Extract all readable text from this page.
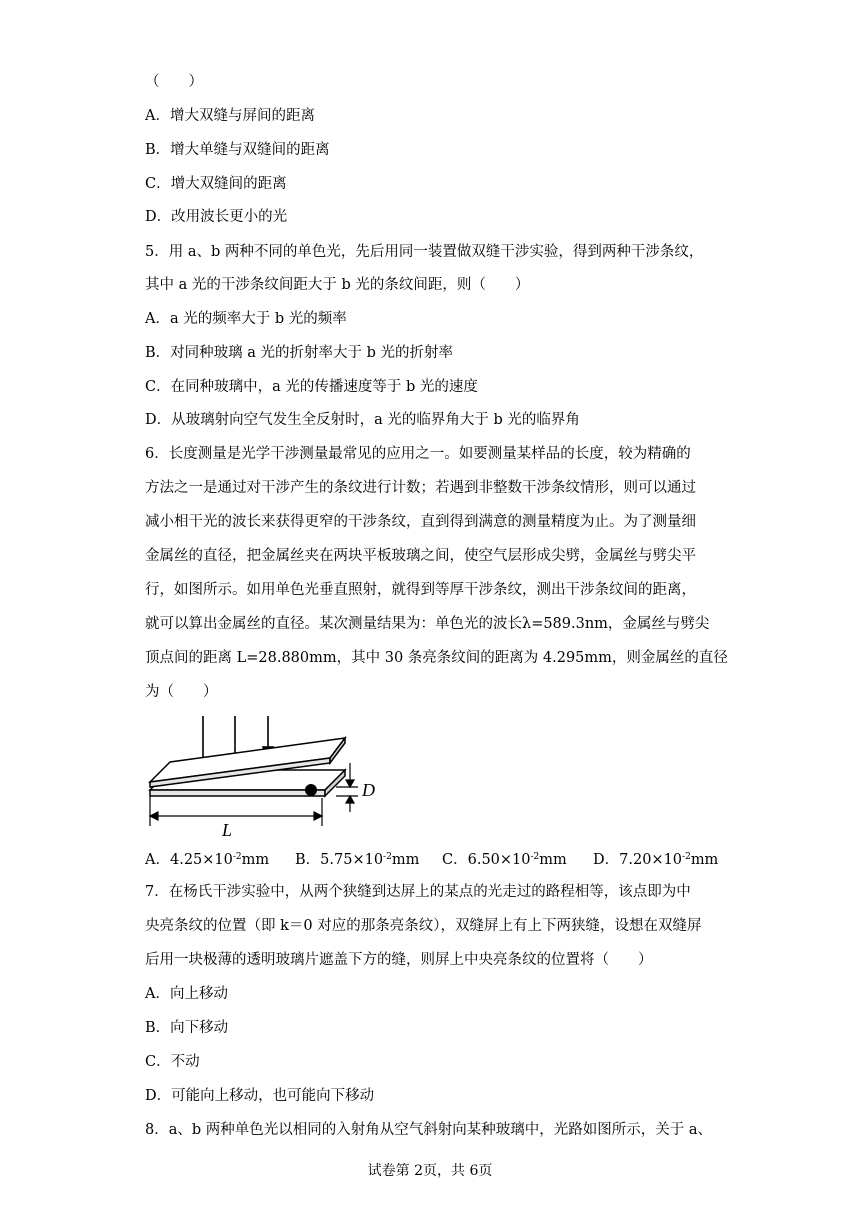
（　　）
A．增大双缝与屏间的距离
B．增大单缝与双缝间的距离
C．增大双缝间的距离
D．改用波长更小的光
5．用 a、b 两种不同的单色光，先后用同一装置做双缝干涉实验，得到两种干涉条纹，
其中 a 光的干涉条纹间距大于 b 光的条纹间距，则（　　）
A．a 光的频率大于 b 光的频率
B．对同种玻璃 a 光的折射率大于 b 光的折射率
C．在同种玻璃中，a 光的传播速度等于 b 光的速度
D．从玻璃射向空气发生全反射时，a 光的临界角大于 b 光的临界角
6．长度测量是光学干涉测量最常见的应用之一。如要测量某样品的长度，较为精确的
方法之一是通过对干涉产生的条纹进行计数；若遇到非整数干涉条纹情形，则可以通过
减小相干光的波长来获得更窄的干涉条纹，直到得到满意的测量精度为止。为了测量细
金属丝的直径，把金属丝夹在两块平板玻璃之间，使空气层形成尖劈，金属丝与劈尖平
行，如图所示。如用单色光垂直照射，就得到等厚干涉条纹，测出干涉条纹间的距离，
就可以算出金属丝的直径。某次测量结果为：单色光的波长λ=589.3nm，金属丝与劈尖
顶点间的距离 L=28.880mm，其中 30 条亮条纹间的距离为 4.295mm，则金属丝的直径
为（　　）
L
D
A．$4.25\times 10^{-2}mm$ B．$5.75\times 10^{-2}mm$ C．$6.50\times 10^{-2}mm$ D．$7.20\times 10^{-2}mm$
7．在杨氏干涉实验中，从两个狭缝到达屏上的某点的光走过的路程相等，该点即为中
央亮条纹的位置（即 k＝0 对应的那条亮条纹），双缝屏上有上下两狭缝，设想在双缝屏
后用一块极薄的透明玻璃片遮盖下方的缝，则屏上中央亮条纹的位置将（　　）
A．向上移动
B．向下移动
C．不动
D．可能向上移动，也可能向下移动
8．a、b 两种单色光以相同的入射角从空气斜射向某种玻璃中，光路如图所示，关于 a、
试卷第 2页，共 6页
